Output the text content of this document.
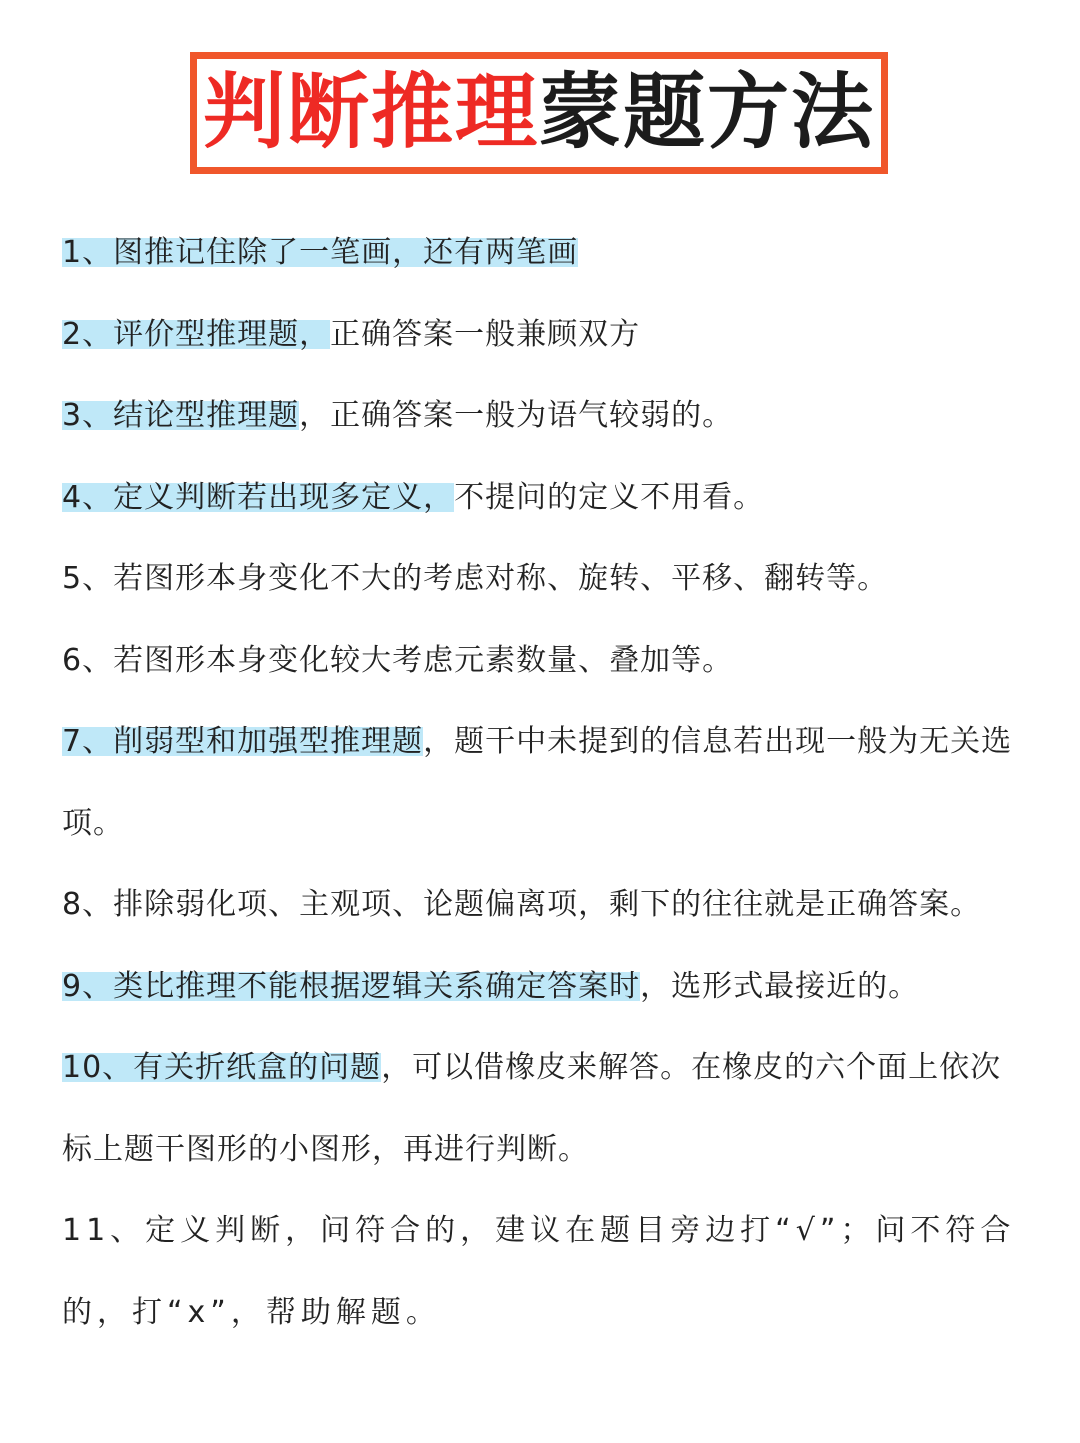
判断推理蒙题方法
1、图推记住除了一笔画，还有两笔画
2、评价型推理题，正确答案一般兼顾双方
3、结论型推理题，正确答案一般为语气较弱的。
4、定义判断若出现多定义，不提问的定义不用看。
5、若图形本身变化不大的考虑对称、旋转、平移、翻转等。
6、若图形本身变化较大考虑元素数量、叠加等。
7、削弱型和加强型推理题，题干中未提到的信息若出现一般为无关选项。
8、排除弱化项、主观项、论题偏离项，剩下的往往就是正确答案。
9、类比推理不能根据逻辑关系确定答案时，选形式最接近的。
10、有关折纸盒的问题，可以借橡皮来解答。在橡皮的六个面上依次标上题干图形的小图形，再进行判断。
11、定义判断，问符合的，建议在题目旁边打“√”；问不符合的，打“x”，帮助解题。
